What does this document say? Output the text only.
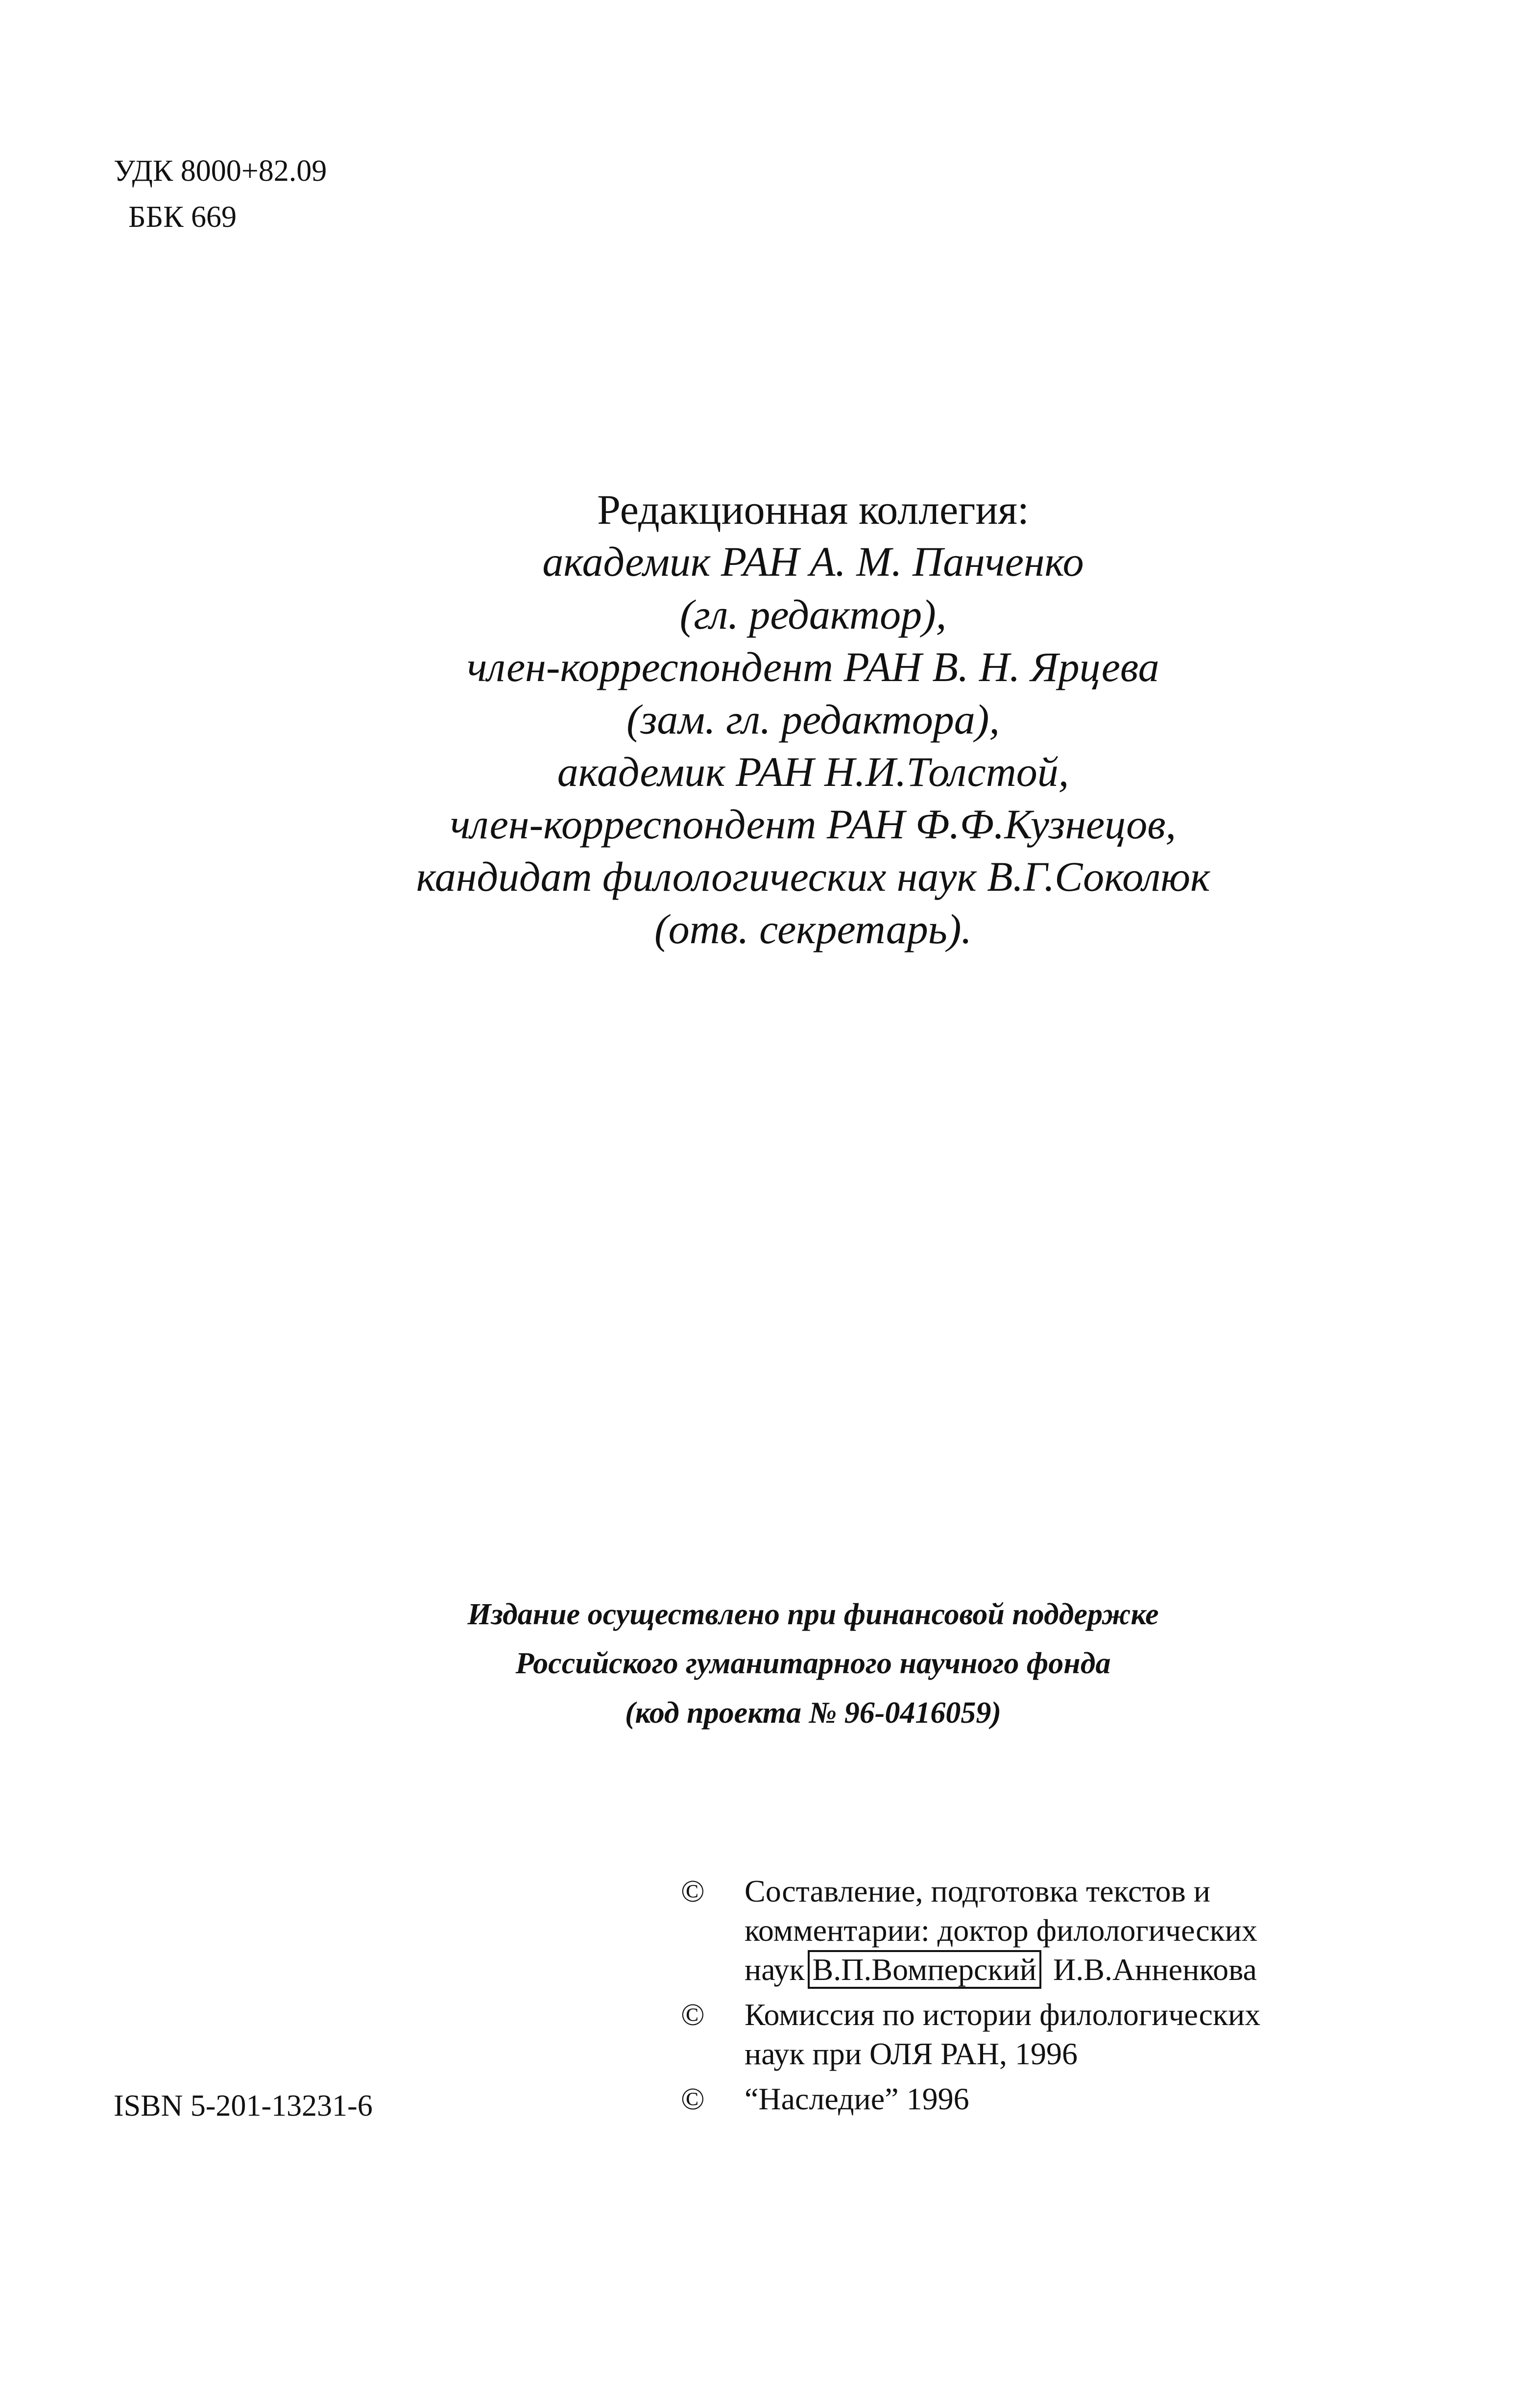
УДК 8000+82.09
ББК 669
Редакционная коллегия:
академик РАН А. М. Панченко
(гл. редактор),
член-корреспондент РАН В. Н. Ярцева
(зам. гл. редактора),
академик РАН Н.И.Толстой,
член-корреспондент РАН Ф.Ф.Кузнецов,
кандидат филологических наук В.Г.Соколюк
(отв. секретарь).
Издание осуществлено при финансовой поддержке
Российского гуманитарного научного фонда
(код проекта № 96-0416059)
©	Составление, подготовка текстов и
комментарии: доктор филологических
наук В.П.Вомперский И.В.Анненкова
©	Комиссия по истории филологических
наук при ОЛЯ РАН, 1996
©	“Наследие” 1996
ISBN 5-201-13231-6
